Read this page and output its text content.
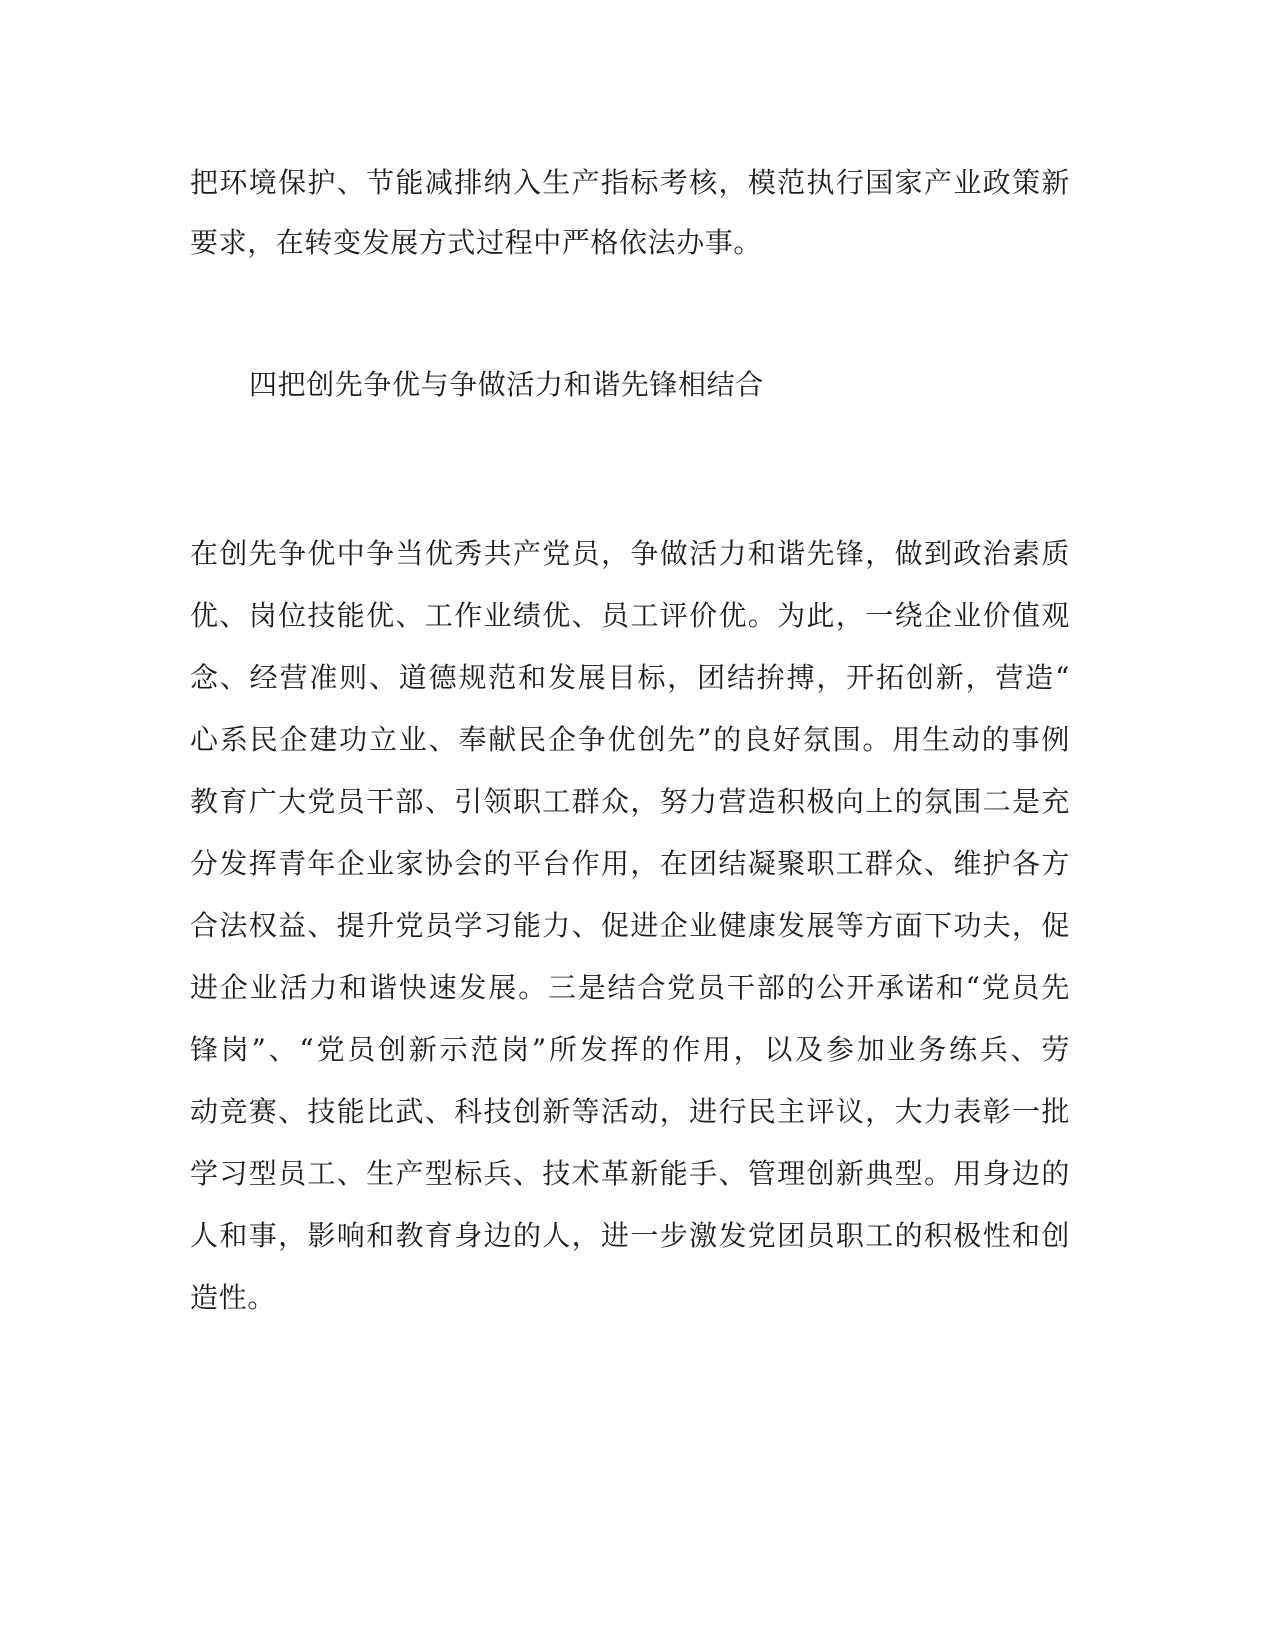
把环境保护、节能减排纳入生产指标考核，模范执行国家产业政策新
要求，在转变发展方式过程中严格依法办事。
四把创先争优与争做活力和谐先锋相结合
在创先争优中争当优秀共产党员，争做活力和谐先锋，做到政治素质
优、岗位技能优、工作业绩优、员工评价优。为此，一绕企业价值观
念、经营准则、道德规范和发展目标，团结拚搏，开拓创新，营造“
心系民企建功立业、奉献民企争优创先”的良好氛围。用生动的事例
教育广大党员干部、引领职工群众，努力营造积极向上的氛围二是充
分发挥青年企业家协会的平台作用，在团结凝聚职工群众、维护各方
合法权益、提升党员学习能力、促进企业健康发展等方面下功夫，促
进企业活力和谐快速发展。三是结合党员干部的公开承诺和“党员先
锋岗”、“党员创新示范岗”所发挥的作用，以及参加业务练兵、劳
动竞赛、技能比武、科技创新等活动，进行民主评议，大力表彰一批
学习型员工、生产型标兵、技术革新能手、管理创新典型。用身边的
人和事，影响和教育身边的人，进一步激发党团员职工的积极性和创
造性。
